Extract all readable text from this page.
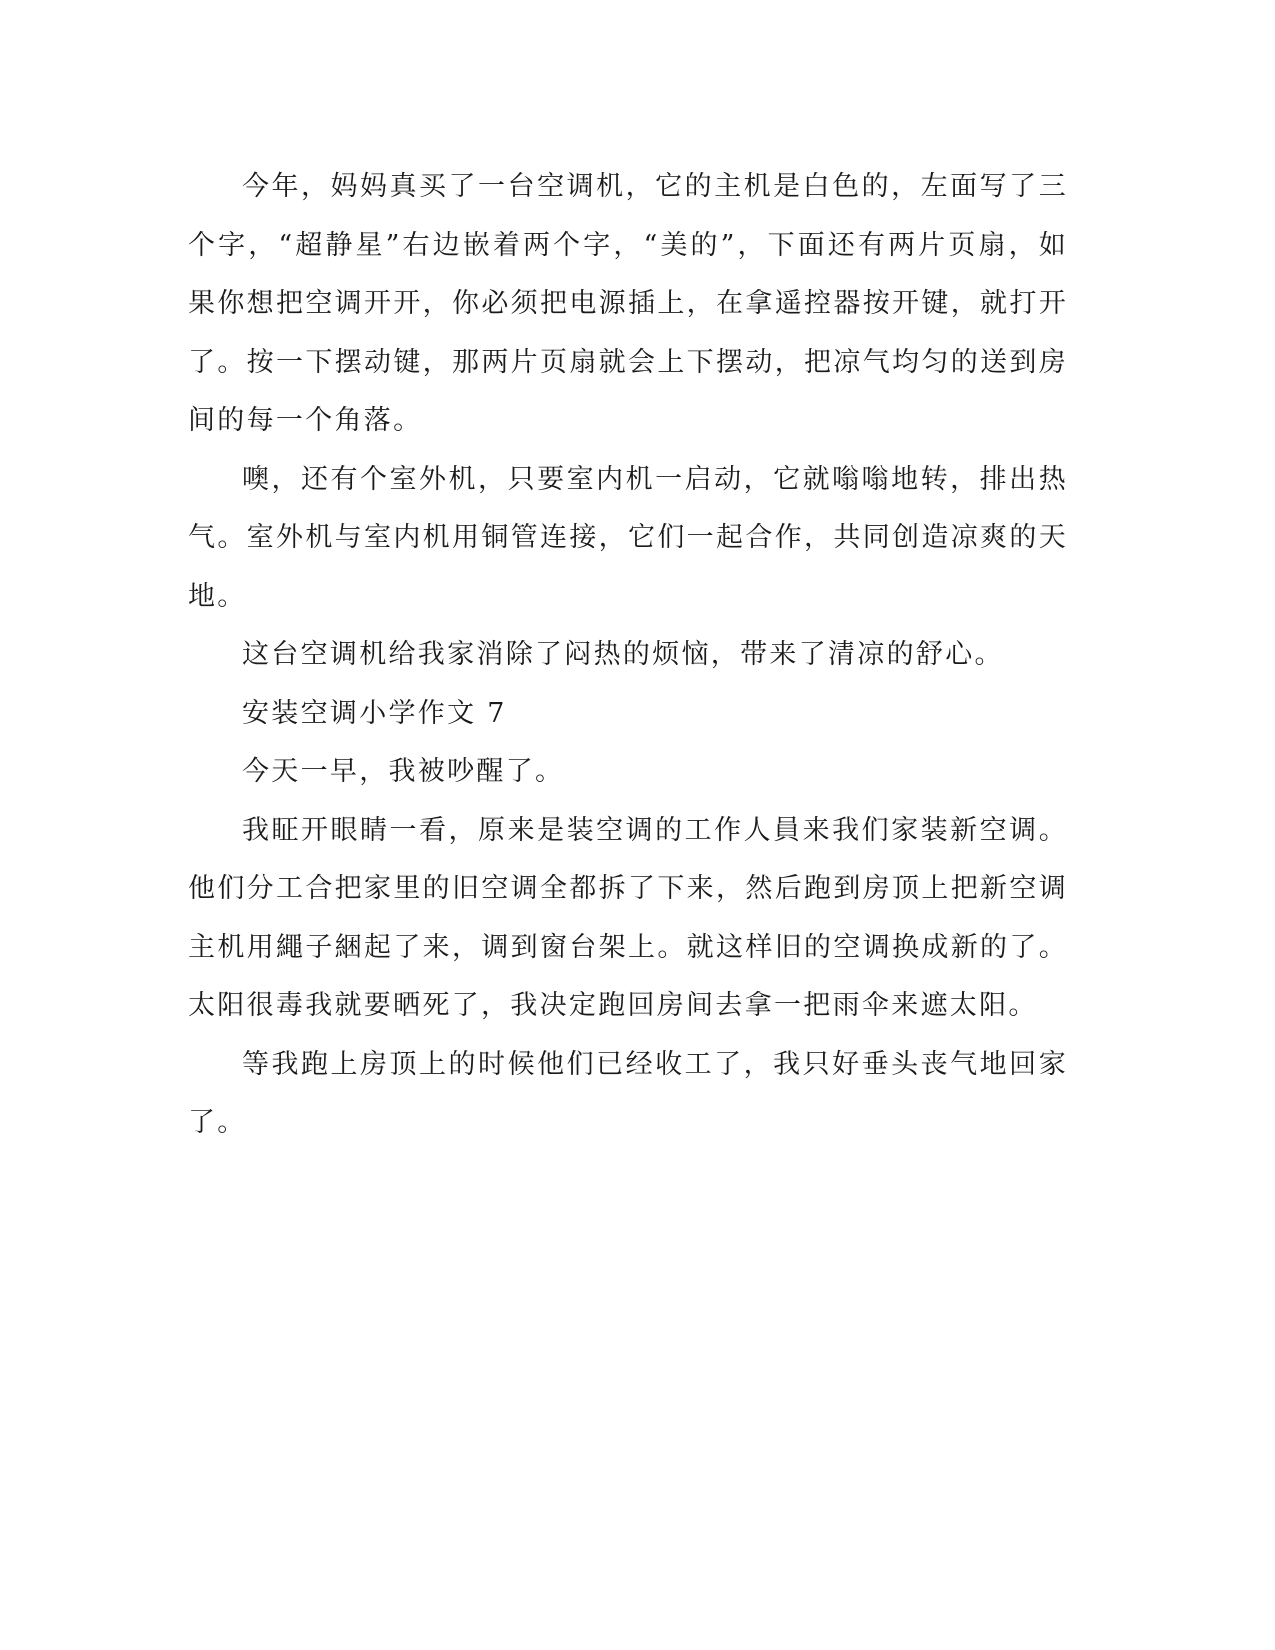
今年，妈妈真买了一台空调机，它的主机是白色的，左面写了三个字，“超静星”右边嵌着两个字，“美的”，下面还有两片页扇，如果你想把空调开开，你必须把电源插上，在拿遥控器按开键，就打开了。按一下摆动键，那两片页扇就会上下摆动，把凉气均匀的送到房间的每一个角落。

噢，还有个室外机，只要室内机一启动，它就嗡嗡地转，排出热气。室外机与室内机用铜管连接，它们一起合作，共同创造凉爽的天地。

这台空调机给我家消除了闷热的烦恼，带来了清凉的舒心。

安装空调小学作文 7

今天一早，我被吵醒了。

我眐开眼睛一看，原来是装空调的工作人員来我们家装新空调。他们分工合把家里的旧空调全都拆了下来，然后跑到房顶上把新空调主机用繩子綑起了来，调到窗台架上。就这样旧的空调换成新的了。太阳很毒我就要晒死了，我决定跑回房间去拿一把雨伞来遮太阳。

等我跑上房顶上的时候他们已经收工了，我只好垂头丧气地回家了。
